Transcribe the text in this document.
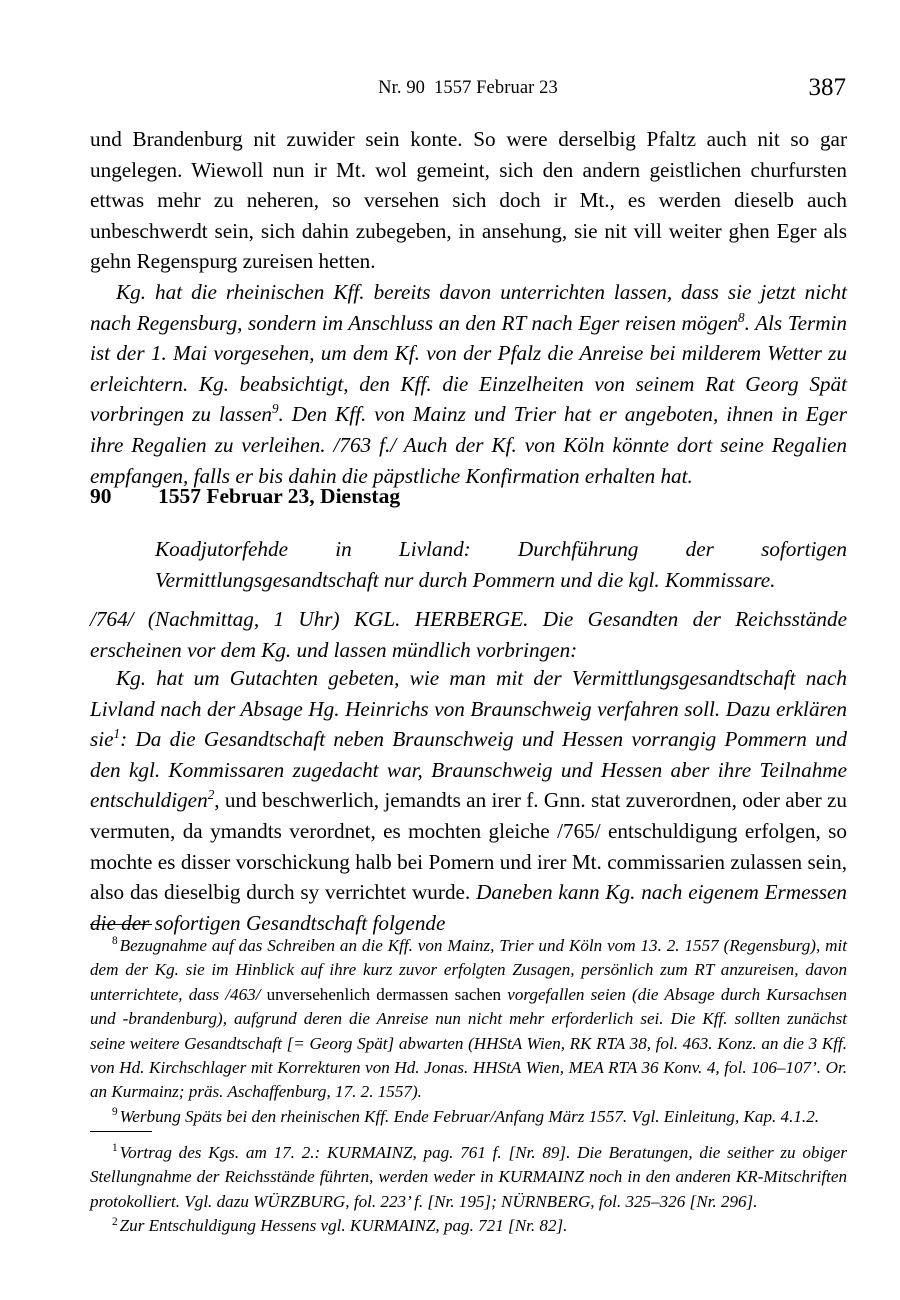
Nr. 90 1557 Februar 23	387

und Brandenburg nit zuwider sein konte. So were derselbig Pfaltz auch nit so gar ungelegen. Wiewoll nun ir Mt. wol gemeint, sich den andern geistlichen churfursten ettwas mehr zu neheren, so versehen sich doch ir Mt., es werden dieselb auch unbeschwerdt sein, sich dahin zubegeben, in ansehung, sie nit vill weiter ghen Eger als gehn Regenspurg zureisen hetten.

Kg. hat die rheinischen Kff. bereits davon unterrichten lassen, dass sie jetzt nicht nach Regensburg, sondern im Anschluss an den RT nach Eger reisen mögen$^8$. Als Termin ist der 1. Mai vorgesehen, um dem Kf. von der Pfalz die Anreise bei milderem Wetter zu erleichtern. Kg. beabsichtigt, den Kff. die Einzelheiten von seinem Rat Georg Spät vorbringen zu lassen$^9$. Den Kff. von Mainz und Trier hat er angeboten, ihnen in Eger ihre Regalien zu verleihen. /763 f./ Auch der Kf. von Köln könnte dort seine Regalien empfangen, falls er bis dahin die päpstliche Konfirmation erhalten hat.

90 1557 Februar 23, Dienstag
Koadjutorfehde in Livland: Durchführung der sofortigen Vermittlungsgesandtschaft nur durch Pommern und die kgl. Kommissare.

/764/ (Nachmittag, 1 Uhr) KGL. HERBERGE. Die Gesandten der Reichsstände erscheinen vor dem Kg. und lassen mündlich vorbringen:

Kg. hat um Gutachten gebeten, wie man mit der Vermittlungsgesandtschaft nach Livland nach der Absage Hg. Heinrichs von Braunschweig verfahren soll. Dazu erklären sie$^1$: Da die Gesandtschaft neben Braunschweig und Hessen vorrangig Pommern und den kgl. Kommissaren zugedacht war, Braunschweig und Hessen aber ihre Teilnahme entschuldigen$^2$, und beschwerlich, jemandts an irer f. Gnn. stat zuverordnen, oder aber zu vermuten, da ymandts verordnet, es mochten gleiche /765/ entschuldigung erfolgen, so mochte es disser vorschickung halb bei Pomern und irer Mt. commissarien zulassen sein, also das dieselbig durch sy verrichtet wurde. Daneben kann Kg. nach eigenem Ermessen die der sofortigen Gesandtschaft folgende

$^8$ Bezugnahme auf das Schreiben an die Kff. von Mainz, Trier und Köln vom 13. 2. 1557 (Regensburg), mit dem der Kg. sie im Hinblick auf ihre kurz zuvor erfolgten Zusagen, persönlich zum RT anzureisen, davon unterrichtete, dass /463/ unversehenlich dermassen sachen vorgefallen seien (die Absage durch Kursachsen und -brandenburg), aufgrund deren die Anreise nun nicht mehr erforderlich sei. Die Kff. sollten zunächst seine weitere Gesandtschaft [= Georg Spät] abwarten (HHStA Wien, RK RTA 38, fol. 463. Konz. an die 3 Kff. von Hd. Kirchschlager mit Korrekturen von Hd. Jonas. HHStA Wien, MEA RTA 36 Konv. 4, fol. 106–107’. Or. an Kurmainz; präs. Aschaffenburg, 17. 2. 1557).

$^9$ Werbung Späts bei den rheinischen Kff. Ende Februar/Anfang März 1557. Vgl. Einleitung, Kap. 4.1.2.

$^1$ Vortrag des Kgs. am 17. 2.: KURMAINZ, pag. 761 f. [Nr. 89]. Die Beratungen, die seither zu obiger Stellungnahme der Reichsstände führten, werden weder in KURMAINZ noch in den anderen KR-Mitschriften protokolliert. Vgl. dazu WÜRZBURG, fol. 223’ f. [Nr. 195]; NÜRNBERG, fol. 325–326 [Nr. 296].

$^2$ Zur Entschuldigung Hessens vgl. KURMAINZ, pag. 721 [Nr. 82].
